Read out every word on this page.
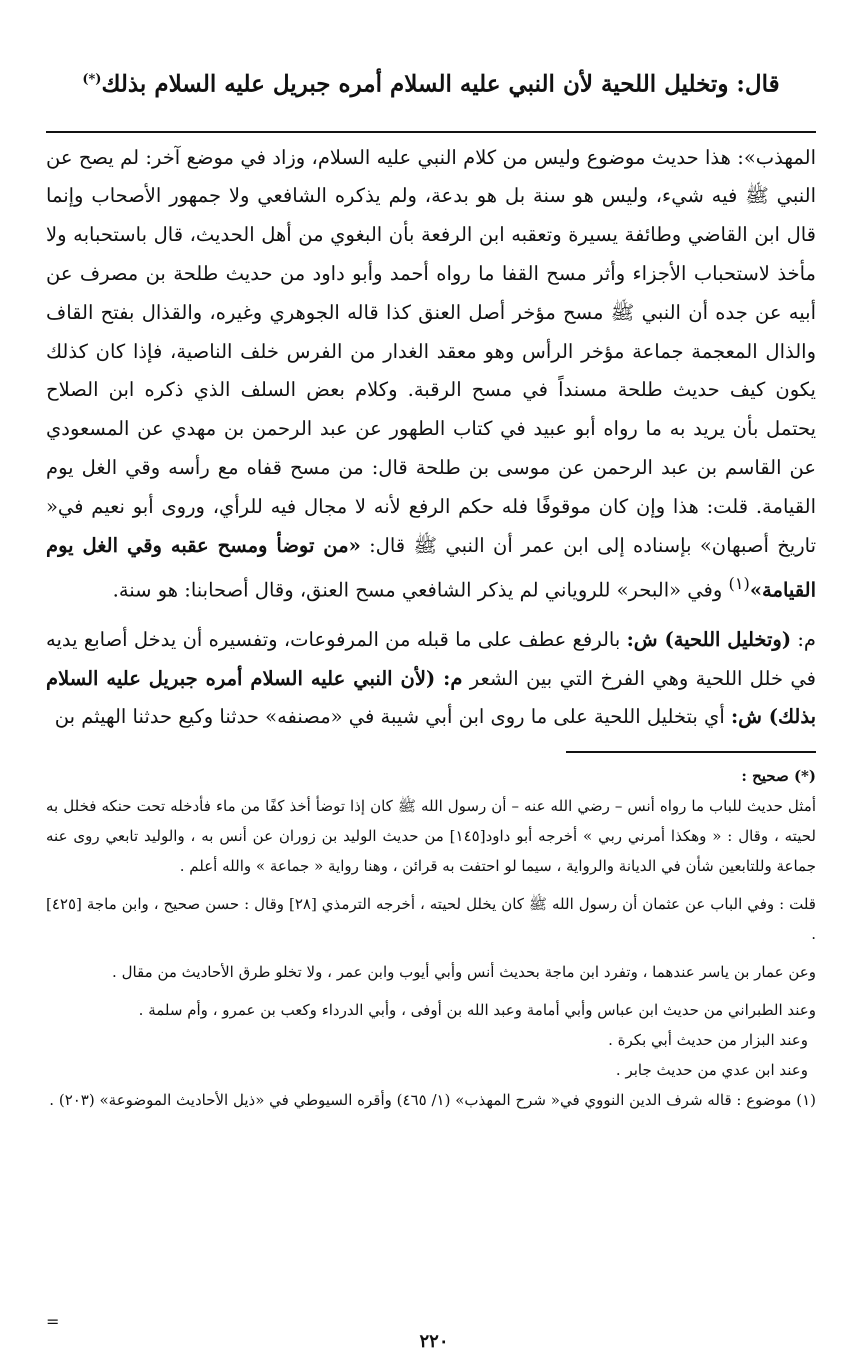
قال: وتخليل اللحية لأن النبي عليه السلام أمره جبريل عليه السلام بذلك(*)

المهذب»: هذا حديث موضوع وليس من كلام النبي عليه السلام، وزاد في موضع آخر: لم يصح عن النبي ﷺ فيه شيء، وليس هو سنة بل هو بدعة، ولم يذكره الشافعي ولا جمهور الأصحاب وإنما قال ابن القاضي وطائفة يسيرة وتعقبه ابن الرفعة بأن البغوي من أهل الحديث، قال باستحبابه ولا مأخذ لاستحباب الأجزاء وأثر مسح القفا ما رواه أحمد وأبو داود من حديث طلحة بن مصرف عن أبيه عن جده أن النبي ﷺ مسح مؤخر أصل العنق كذا قاله الجوهري وغيره، والقذال بفتح القاف والذال المعجمة جماعة مؤخر الرأس وهو معقد الغدار من الفرس خلف الناصية، فإذا كان كذلك يكون كيف حديث طلحة مسنداً في مسح الرقبة. وكلام بعض السلف الذي ذكره ابن الصلاح يحتمل بأن يريد به ما رواه أبو عبيد في كتاب الطهور عن عبد الرحمن بن مهدي عن المسعودي عن القاسم بن عبد الرحمن عن موسى بن طلحة قال: من مسح قفاه مع رأسه وقي الغل يوم القيامة. قلت: هذا وإن كان موقوفًا فله حكم الرفع لأنه لا مجال فيه للرأي، وروى أبو نعيم في« تاريخ أصبهان» بإسناده إلى ابن عمر أن النبي ﷺ قال: «من توضأ ومسح عقبه وقي الغل يوم القيامة»$^{(١)}$ وفي «البحر» للروياني لم يذكر الشافعي مسح العنق، وقال أصحابنا: هو سنة.

م: (وتخليل اللحية) ش: بالرفع عطف على ما قبله من المرفوعات، وتفسيره أن يدخل أصابع يديه في خلل اللحية وهي الفرخ التي بين الشعر م: (لأن النبي عليه السلام أمره جبريل عليه السلام بذلك) ش: أي بتخليل اللحية على ما روى ابن أبي شيبة في «مصنفه» حدثنا وكيع حدثنا الهيثم بن

(*) صحيح :

أمثل حديث للباب ما رواه أنس – رضي الله عنه – أن رسول الله ﷺ كان إذا توضأ أخذ كفًا من ماء فأدخله تحت حنكه فخلل به لحيته ، وقال : « وهكذا أمرني ربي » أخرجه أبو داود[١٤٥] من حديث الوليد بن زوران عن أنس به ، والوليد تابعي روى عنه جماعة وللتابعين شأن في الديانة والرواية ، سيما لو احتفت به قرائن ، وهنا رواية « جماعة » والله أعلم .

قلت : وفي الباب عن عثمان أن رسول الله ﷺ كان يخلل لحيته ، أخرجه الترمذي [٢٨] وقال : حسن صحيح ، وابن ماجة [٤٢٥] .

وعن عمار بن ياسر عندهما ، وتفرد ابن ماجة بحديث أنس وأبي أيوب وابن عمر ، ولا تخلو طرق الأحاديث من مقال .

وعند الطبراني من حديث ابن عباس وأبي أمامة وعبد الله بن أوفى ، وأبي الدرداء وكعب بن عمرو ، وأم سلمة .

وعند البزار من حديث أبي بكرة .

وعند ابن عدي من حديث جابر .

(١) موضوع : قاله شرف الدين النووي في« شرح المهذب» (١/ ٤٦٥) وأقره السيوطي في «ذيل الأحاديث الموضوعة» (٢٠٣) .

=
٢٢٠
